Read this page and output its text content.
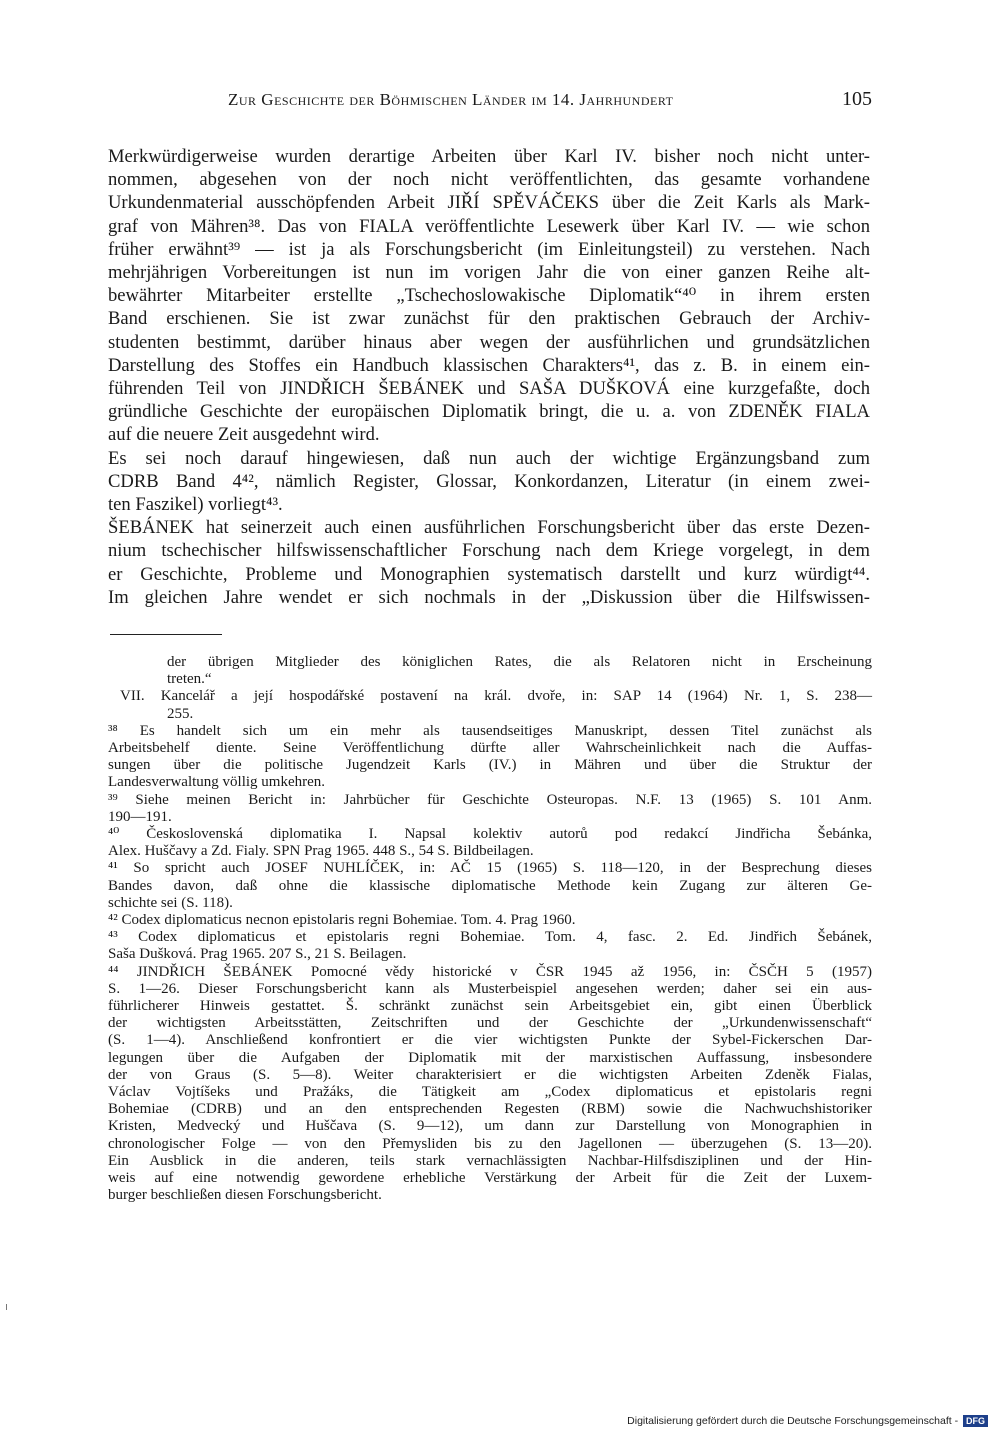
Zur Geschichte der Böhmischen Länder im 14. Jahrhundert	105
Merkwürdigerweise wurden derartige Arbeiten über Karl IV. bisher noch nicht unter-
nommen, abgesehen von der noch nicht veröffentlichten, das gesamte vorhandene
Urkundenmaterial ausschöpfenden Arbeit JIŘÍ SPĚVÁČEKS über die Zeit Karls als Mark-
graf von Mähren³⁸. Das von FIALA veröffentlichte Lesewerk über Karl IV. — wie schon
früher erwähnt³⁹ — ist ja als Forschungsbericht (im Einleitungsteil) zu verstehen. Nach
mehrjährigen Vorbereitungen ist nun im vorigen Jahr die von einer ganzen Reihe alt-
bewährter Mitarbeiter erstellte „Tschechoslowakische Diplomatik“⁴⁰ in ihrem ersten
Band erschienen. Sie ist zwar zunächst für den praktischen Gebrauch der Archiv-
studenten bestimmt, darüber hinaus aber wegen der ausführlichen und grundsätzlichen
Darstellung des Stoffes ein Handbuch klassischen Charakters⁴¹, das z. B. in einem ein-
führenden Teil von JINDŘICH ŠEBÁNEK und SAŠA DUŠKOVÁ eine kurzgefaßte, doch
gründliche Geschichte der europäischen Diplomatik bringt, die u. a. von ZDENĚK FIALA
auf die neuere Zeit ausgedehnt wird.
Es sei noch darauf hingewiesen, daß nun auch der wichtige Ergänzungsband zum
CDRB Band 4⁴², nämlich Register, Glossar, Konkordanzen, Literatur (in einem zwei-
ten Faszikel) vorliegt⁴³.
ŠEBÁNEK hat seinerzeit auch einen ausführlichen Forschungsbericht über das erste Dezen-
nium tschechischer hilfswissenschaftlicher Forschung nach dem Kriege vorgelegt, in dem
er Geschichte, Probleme und Monographien systematisch darstellt und kurz würdigt⁴⁴.
Im gleichen Jahre wendet er sich nochmals in der „Diskussion über die Hilfswissen-
der übrigen Mitglieder des königlichen Rates, die als Relatoren nicht in Erscheinung
treten.“
VII. Kancelář a její hospodářské postavení na král. dvoře, in: SAP 14 (1964) Nr. 1, S. 238—
255.
³⁸ Es handelt sich um ein mehr als tausendseitiges Manuskript, dessen Titel zunächst als
Arbeitsbehelf diente. Seine Veröffentlichung dürfte aller Wahrscheinlichkeit nach die Auffas-
sungen über die politische Jugendzeit Karls (IV.) in Mähren und über die Struktur der
Landesverwaltung völlig umkehren.
³⁹ Siehe meinen Bericht in: Jahrbücher für Geschichte Osteuropas. N.F. 13 (1965) S. 101 Anm.
190—191.
⁴⁰ Československá diplomatika I. Napsal kolektiv autorů pod redakcí Jindřicha Šebánka,
Alex. Huščavy a Zd. Fialy. SPN Prag 1965. 448 S., 54 S. Bildbeilagen.
⁴¹ So spricht auch JOSEF NUHLÍČEK, in: AČ 15 (1965) S. 118—120, in der Besprechung dieses
Bandes davon, daß ohne die klassische diplomatische Methode kein Zugang zur älteren Ge-
schichte sei (S. 118).
⁴² Codex diplomaticus necnon epistolaris regni Bohemiae. Tom. 4. Prag 1960.
⁴³ Codex diplomaticus et epistolaris regni Bohemiae. Tom. 4, fasc. 2. Ed. Jindřich Šebánek,
Saša Dušková. Prag 1965. 207 S., 21 S. Beilagen.
⁴⁴ JINDŘICH ŠEBÁNEK Pomocné vědy historické v ČSR 1945 až 1956, in: ČSČH 5 (1957)
S. 1—26. Dieser Forschungsbericht kann als Musterbeispiel angesehen werden; daher sei ein aus-
führlicherer Hinweis gestattet. Š. schränkt zunächst sein Arbeitsgebiet ein, gibt einen Überblick
der wichtigsten Arbeitsstätten, Zeitschriften und der Geschichte der „Urkundenwissenschaft“
(S. 1—4). Anschließend konfrontiert er die vier wichtigsten Punkte der Sybel-Fickerschen Dar-
legungen über die Aufgaben der Diplomatik mit der marxistischen Auffassung, insbesondere
der von Graus (S. 5—8). Weiter charakterisiert er die wichtigsten Arbeiten Zdeněk Fialas,
Václav Vojtíšeks und Pražáks, die Tätigkeit am „Codex diplomaticus et epistolaris regni
Bohemiae (CDRB) und an den entsprechenden Regesten (RBM) sowie die Nachwuchshistoriker
Kristen, Medvecký und Huščava (S. 9—12), um dann zur Darstellung von Monographien in
chronologischer Folge — von den Přemysliden bis zu den Jagellonen — überzugehen (S. 13—20).
Ein Ausblick in die anderen, teils stark vernachlässigten Nachbar-Hilfsdisziplinen und der Hin-
weis auf eine notwendig gewordene erhebliche Verstärkung der Arbeit für die Zeit der Luxem-
burger beschließen diesen Forschungsbericht.
Digitalisierung gefördert durch die Deutsche Forschungsgemeinschaft - DFG
